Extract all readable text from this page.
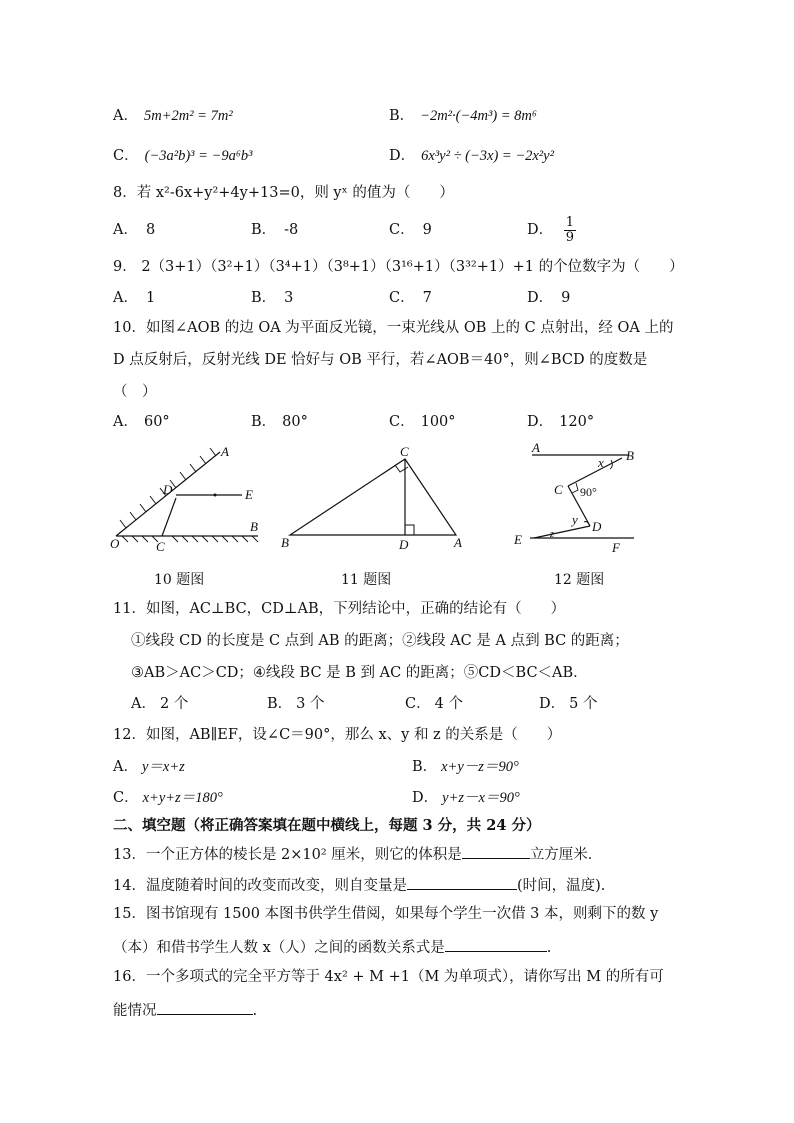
A． 5m+2m² = 7m²	B． −2m²·(−4m³) = 8m⁶
C． (−3a²b)³ = −9a⁶b³	D． 6x³y² ÷ (−3x) = −2x²y²
8．若 x²-6x+y²+4y+13=0，则 yˣ 的值为（　　）
A． 8	B． -8	C． 9	D． $\frac{1}{9}$
9． 2（3+1）（3²+1）（3⁴+1）（3⁸+1）（3¹⁶+1）（3³²+1）+1 的个位数字为（　　）
A． 1	B． 3	C． 7	D． 9
10．如图∠AOB 的边 OA 为平面反光镜，一束光线从 OB 上的 C 点射出，经 OA 上的
D 点反射后，反射光线 DE 恰好与 OB 平行，若∠AOB＝40°，则∠BCD 的度数是
（　）
A． 60°	B． 80°	C． 100°	D． 120°
A
D	E
B
O	C
10 题图
C
B	D	A
11 题图
A
B
x
C 90°
y D
E	z
F
12 题图
11．如图，AC⊥BC，CD⊥AB，下列结论中，正确的结论有（　　）
①线段 CD 的长度是 C 点到 AB 的距离；②线段 AC 是 A 点到 BC 的距离；
③AB＞AC＞CD；④线段 BC 是 B 到 AC 的距离；⑤CD＜BC＜AB．
A． 2 个	B． 3 个	C． 4 个	D． 5 个
12．如图，AB∥EF，设∠C＝90°，那么 x、y 和 z 的关系是（　　）
A． y＝x+z	B． x+y－z＝90°
C． x+y+z＝180°	D． y+z－x＝90°
二、填空题（将正确答案填在题中横线上，每题 3 分，共 24 分）
13．一个正方体的棱长是 2×10² 厘米，则它的体积是	立方厘米．
14．温度随着时间的改变而改变，则自变量是	(时间，温度).
15．图书馆现有 1500 本图书供学生借阅，如果每个学生一次借 3 本，则剩下的数 y
（本）和借书学生人数 x（人）之间的函数关系式是	.
16．一个多项式的完全平方等于 4x² + M +1（M 为单项式），请你写出 M 的所有可
能情况	.
